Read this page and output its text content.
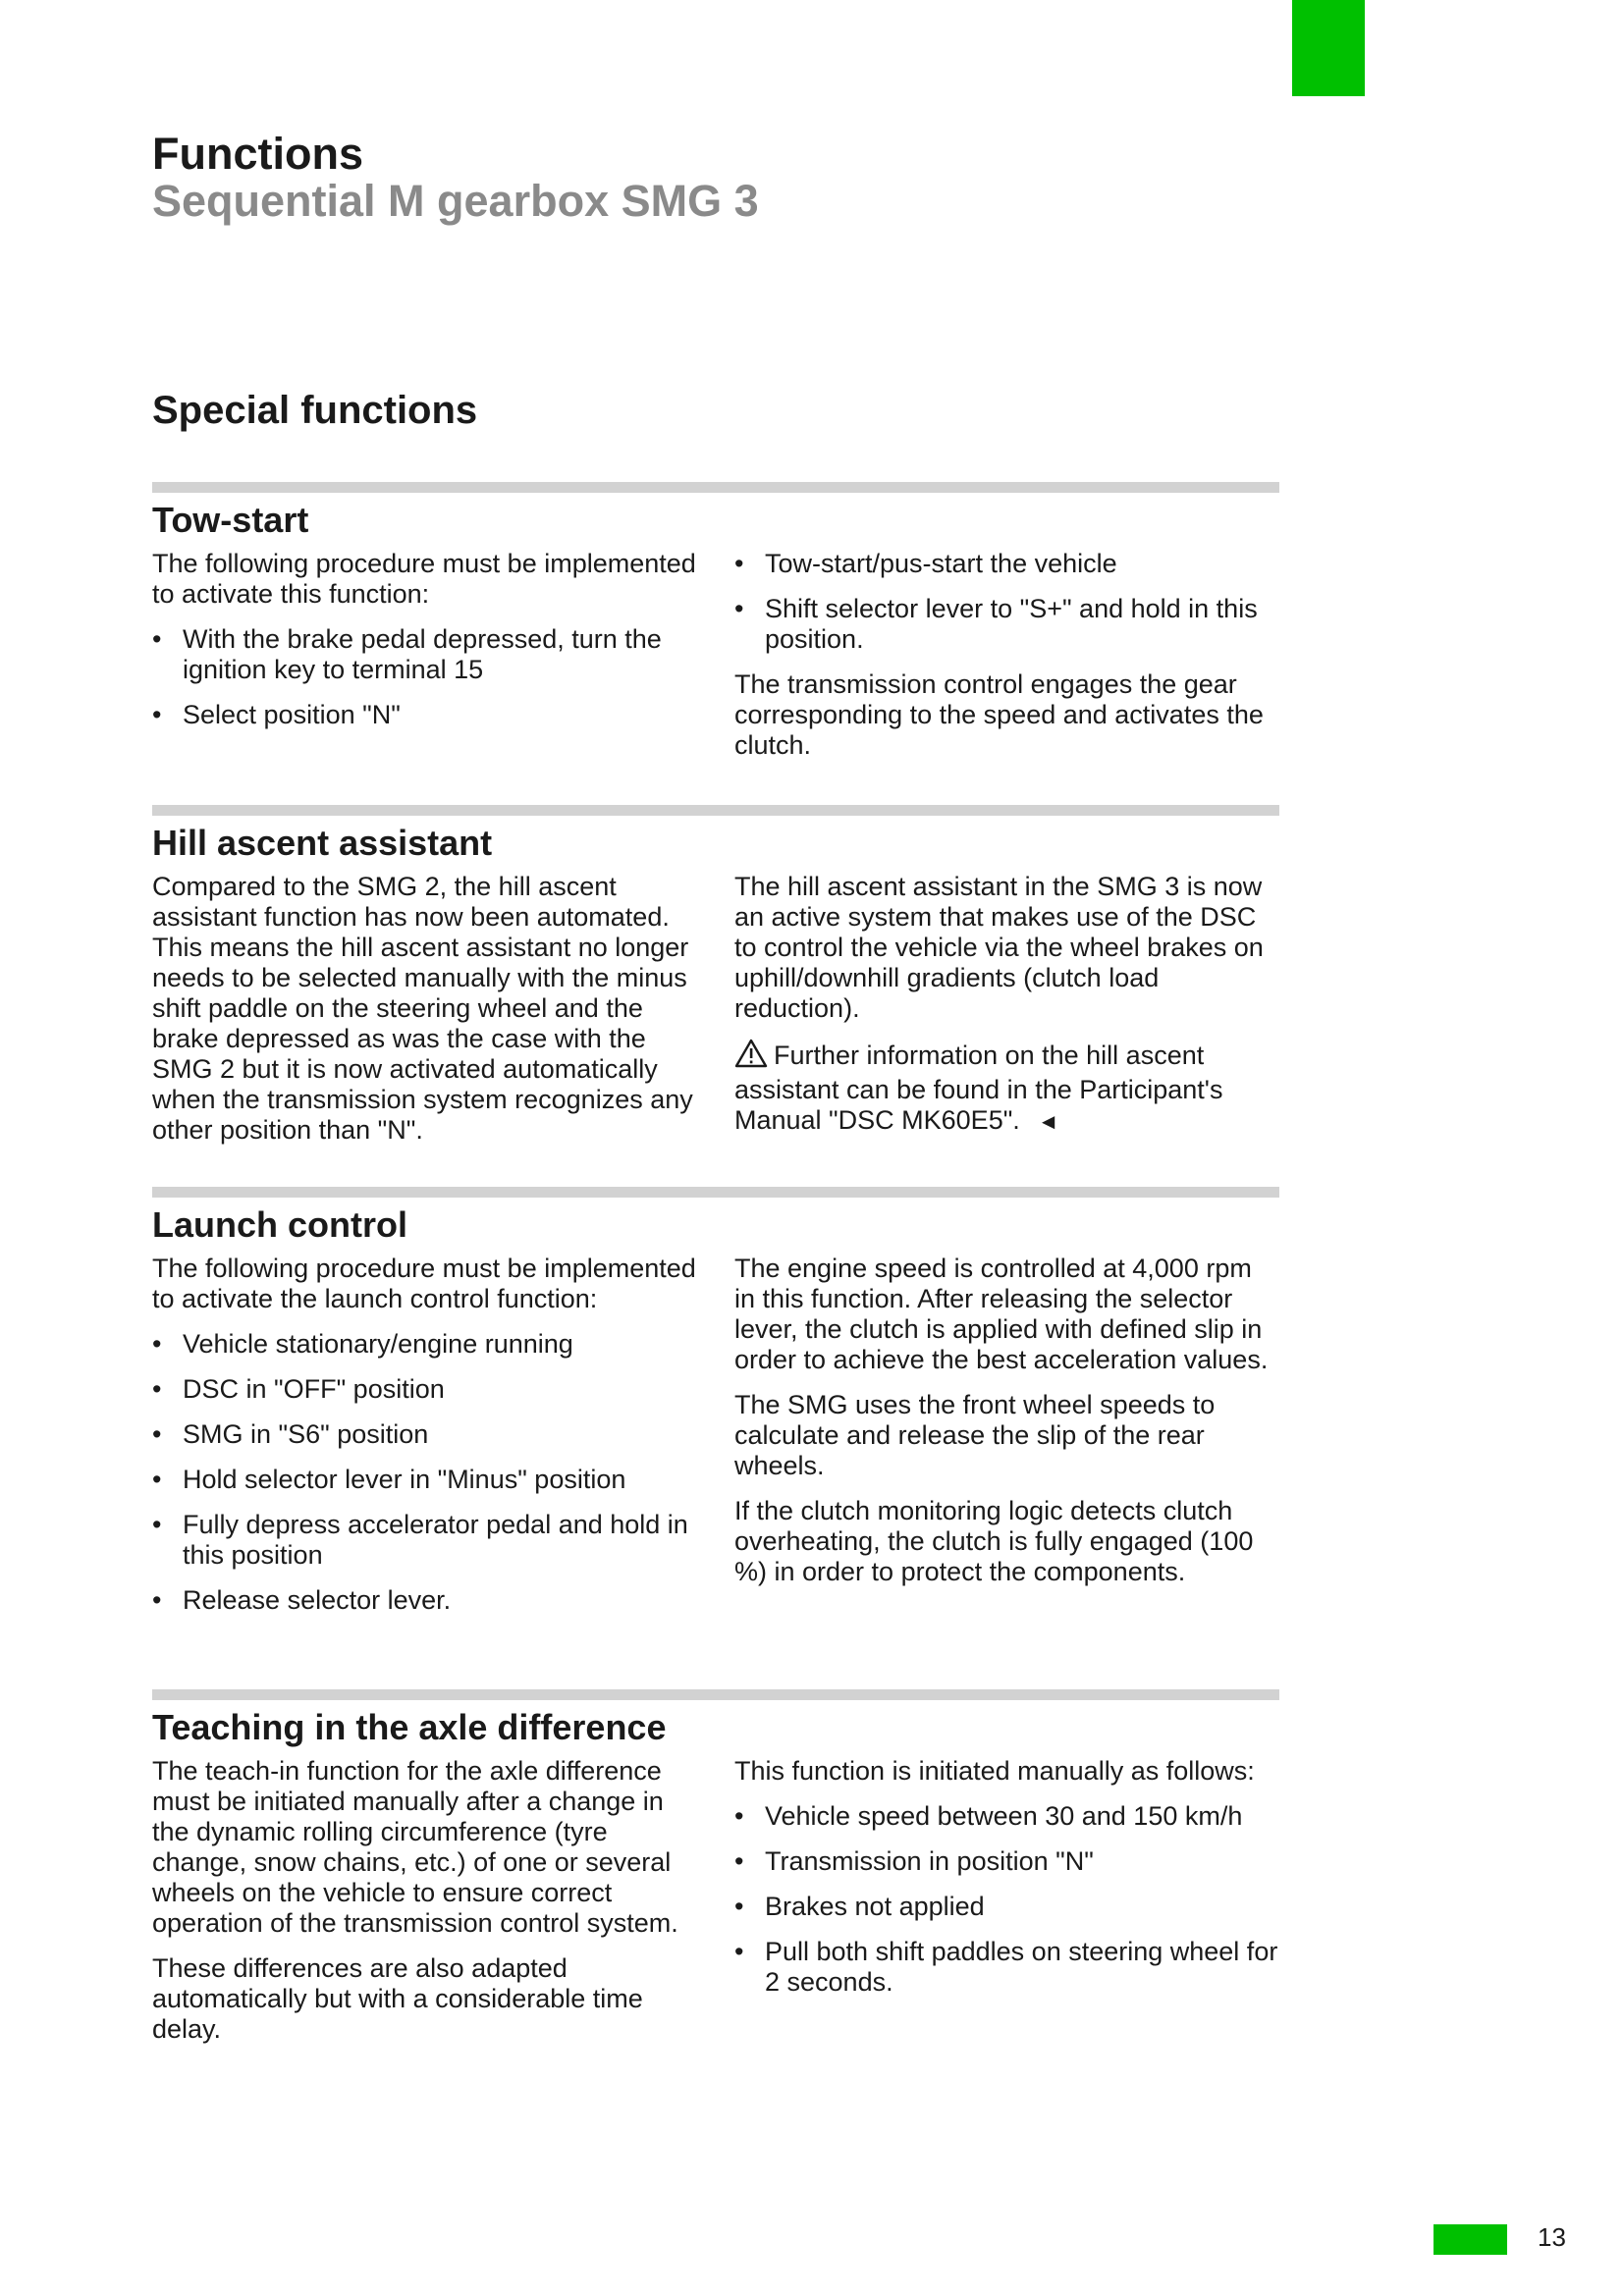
Functions
Sequential M gearbox SMG 3
Special functions
Tow-start

The following procedure must be implemented to activate this function:

• With the brake pedal depressed, turn the ignition key to terminal 15
• Select position "N"
• Tow-start/pus-start the vehicle
• Shift selector lever to "S+" and hold in this position.

The transmission control engages the gear corresponding to the speed and activates the clutch.

Hill ascent assistant

Compared to the SMG 2, the hill ascent assistant function has now been automated. This means the hill ascent assistant no longer needs to be selected manually with the minus shift paddle on the steering wheel and the brake depressed as was the case with the SMG 2 but it is now activated automatically when the transmission system recognizes any other position than "N".

The hill ascent assistant in the SMG 3 is now an active system that makes use of the DSC to control the vehicle via the wheel brakes on uphill/downhill gradients (clutch load reduction).

Further information on the hill ascent assistant can be found in the Participant's Manual "DSC MK60E5". ◄

Launch control

The following procedure must be implemented to activate the launch control function:

• Vehicle stationary/engine running
• DSC in "OFF" position
• SMG in "S6" position
• Hold selector lever in "Minus" position
• Fully depress accelerator pedal and hold in this position
• Release selector lever.

The engine speed is controlled at 4,000 rpm in this function. After releasing the selector lever, the clutch is applied with defined slip in order to achieve the best acceleration values.

The SMG uses the front wheel speeds to calculate and release the slip of the rear wheels.

If the clutch monitoring logic detects clutch overheating, the clutch is fully engaged (100 %) in order to protect the components.

Teaching in the axle difference

The teach-in function for the axle difference must be initiated manually after a change in the dynamic rolling circumference (tyre change, snow chains, etc.) of one or several wheels on the vehicle to ensure correct operation of the transmission control system.

These differences are also adapted automatically but with a considerable time delay.

This function is initiated manually as follows:

• Vehicle speed between 30 and 150 km/h
• Transmission in position "N"
• Brakes not applied
• Pull both shift paddles on steering wheel for 2 seconds.
13
